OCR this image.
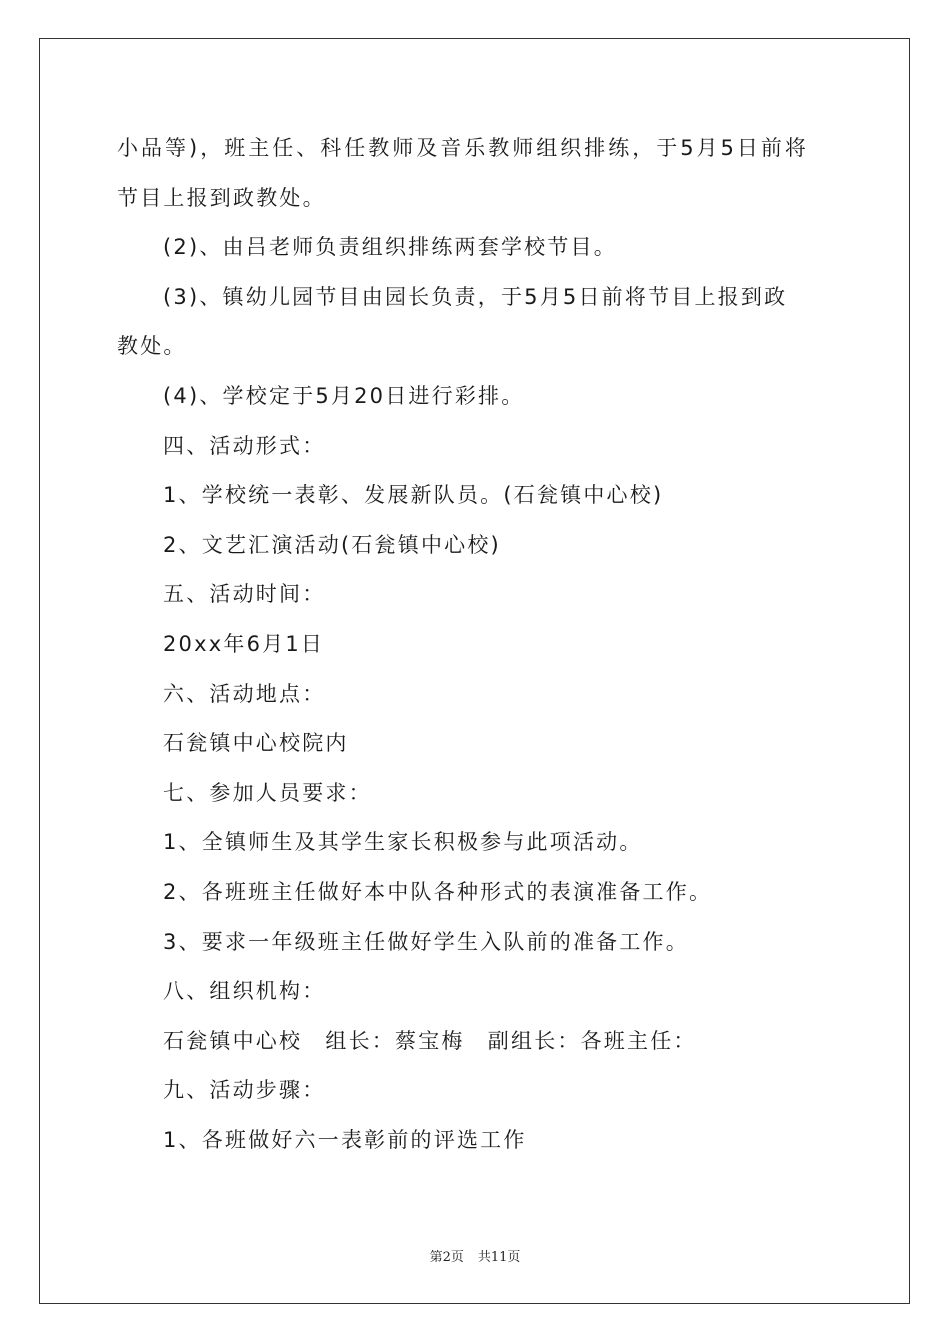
小品等)，班主任、科任教师及音乐教师组织排练，于5月5日前将

节目上报到政教处。

(2)、由吕老师负责组织排练两套学校节目。

(3)、镇幼儿园节目由园长负责，于5月5日前将节目上报到政

教处。

(4)、学校定于5月20日进行彩排。

四、活动形式：

1、学校统一表彰、发展新队员。(石瓮镇中心校)

2、文艺汇演活动(石瓮镇中心校)

五、活动时间：

20xx年6月1日

六、活动地点：

石瓮镇中心校院内

七、参加人员要求：

1、全镇师生及其学生家长积极参与此项活动。

2、各班班主任做好本中队各种形式的表演准备工作。

3、要求一年级班主任做好学生入队前的准备工作。

八、组织机构：

石瓮镇中心校　组长：蔡宝梅　副组长：各班主任：

九、活动步骤：

1、各班做好六一表彰前的评选工作

第2页 共11页
